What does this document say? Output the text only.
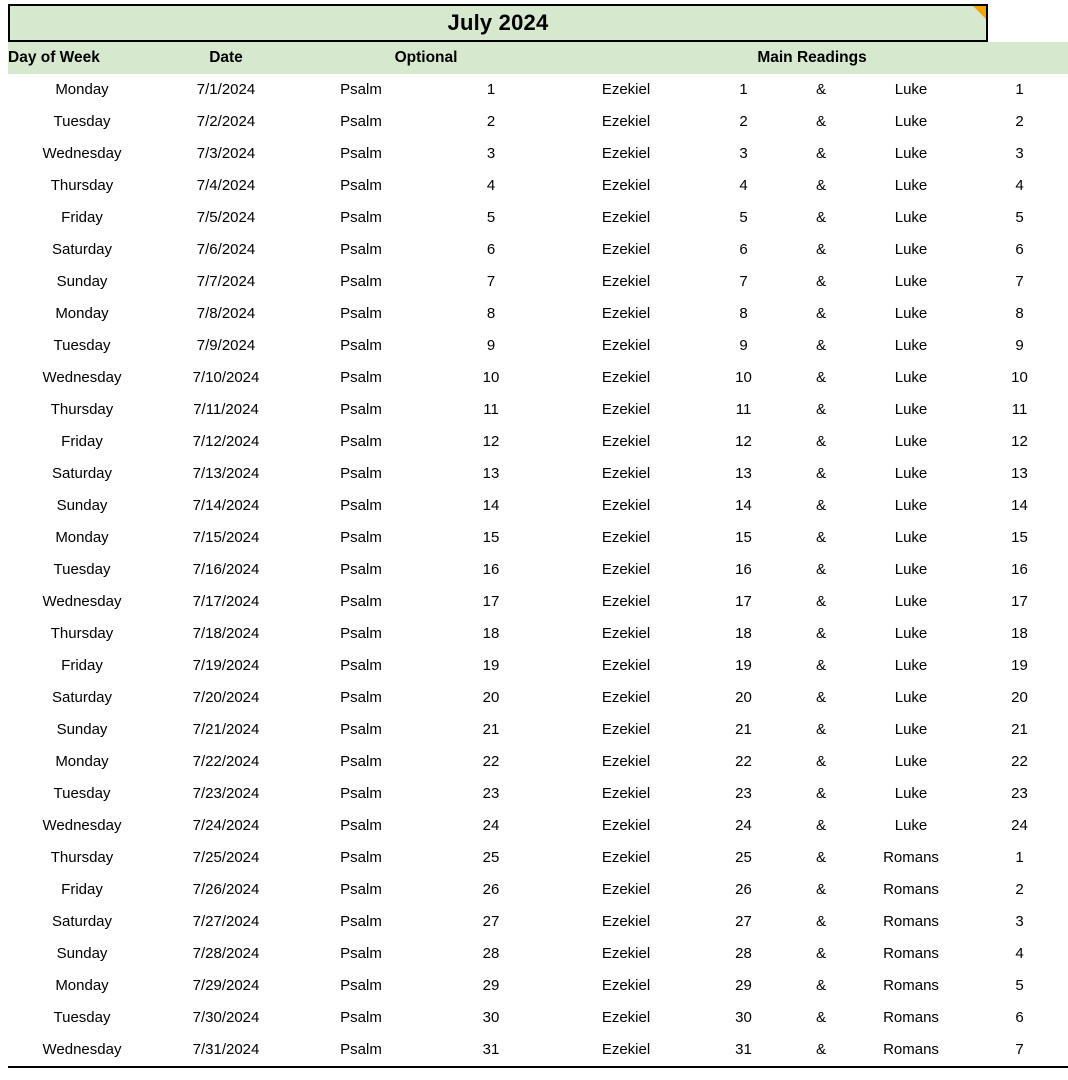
July 2024
Day of Week	Date	Optional		Main Readings				
Monday	7/1/2024	Psalm	1	Ezekiel	1	&	Luke	1
Tuesday	7/2/2024	Psalm	2	Ezekiel	2	&	Luke	2
Wednesday	7/3/2024	Psalm	3	Ezekiel	3	&	Luke	3
Thursday	7/4/2024	Psalm	4	Ezekiel	4	&	Luke	4
Friday	7/5/2024	Psalm	5	Ezekiel	5	&	Luke	5
Saturday	7/6/2024	Psalm	6	Ezekiel	6	&	Luke	6
Sunday	7/7/2024	Psalm	7	Ezekiel	7	&	Luke	7
Monday	7/8/2024	Psalm	8	Ezekiel	8	&	Luke	8
Tuesday	7/9/2024	Psalm	9	Ezekiel	9	&	Luke	9
Wednesday	7/10/2024	Psalm	10	Ezekiel	10	&	Luke	10
Thursday	7/11/2024	Psalm	11	Ezekiel	11	&	Luke	11
Friday	7/12/2024	Psalm	12	Ezekiel	12	&	Luke	12
Saturday	7/13/2024	Psalm	13	Ezekiel	13	&	Luke	13
Sunday	7/14/2024	Psalm	14	Ezekiel	14	&	Luke	14
Monday	7/15/2024	Psalm	15	Ezekiel	15	&	Luke	15
Tuesday	7/16/2024	Psalm	16	Ezekiel	16	&	Luke	16
Wednesday	7/17/2024	Psalm	17	Ezekiel	17	&	Luke	17
Thursday	7/18/2024	Psalm	18	Ezekiel	18	&	Luke	18
Friday	7/19/2024	Psalm	19	Ezekiel	19	&	Luke	19
Saturday	7/20/2024	Psalm	20	Ezekiel	20	&	Luke	20
Sunday	7/21/2024	Psalm	21	Ezekiel	21	&	Luke	21
Monday	7/22/2024	Psalm	22	Ezekiel	22	&	Luke	22
Tuesday	7/23/2024	Psalm	23	Ezekiel	23	&	Luke	23
Wednesday	7/24/2024	Psalm	24	Ezekiel	24	&	Luke	24
Thursday	7/25/2024	Psalm	25	Ezekiel	25	&	Romans	1
Friday	7/26/2024	Psalm	26	Ezekiel	26	&	Romans	2
Saturday	7/27/2024	Psalm	27	Ezekiel	27	&	Romans	3
Sunday	7/28/2024	Psalm	28	Ezekiel	28	&	Romans	4
Monday	7/29/2024	Psalm	29	Ezekiel	29	&	Romans	5
Tuesday	7/30/2024	Psalm	30	Ezekiel	30	&	Romans	6
Wednesday	7/31/2024	Psalm	31	Ezekiel	31	&	Romans	7
